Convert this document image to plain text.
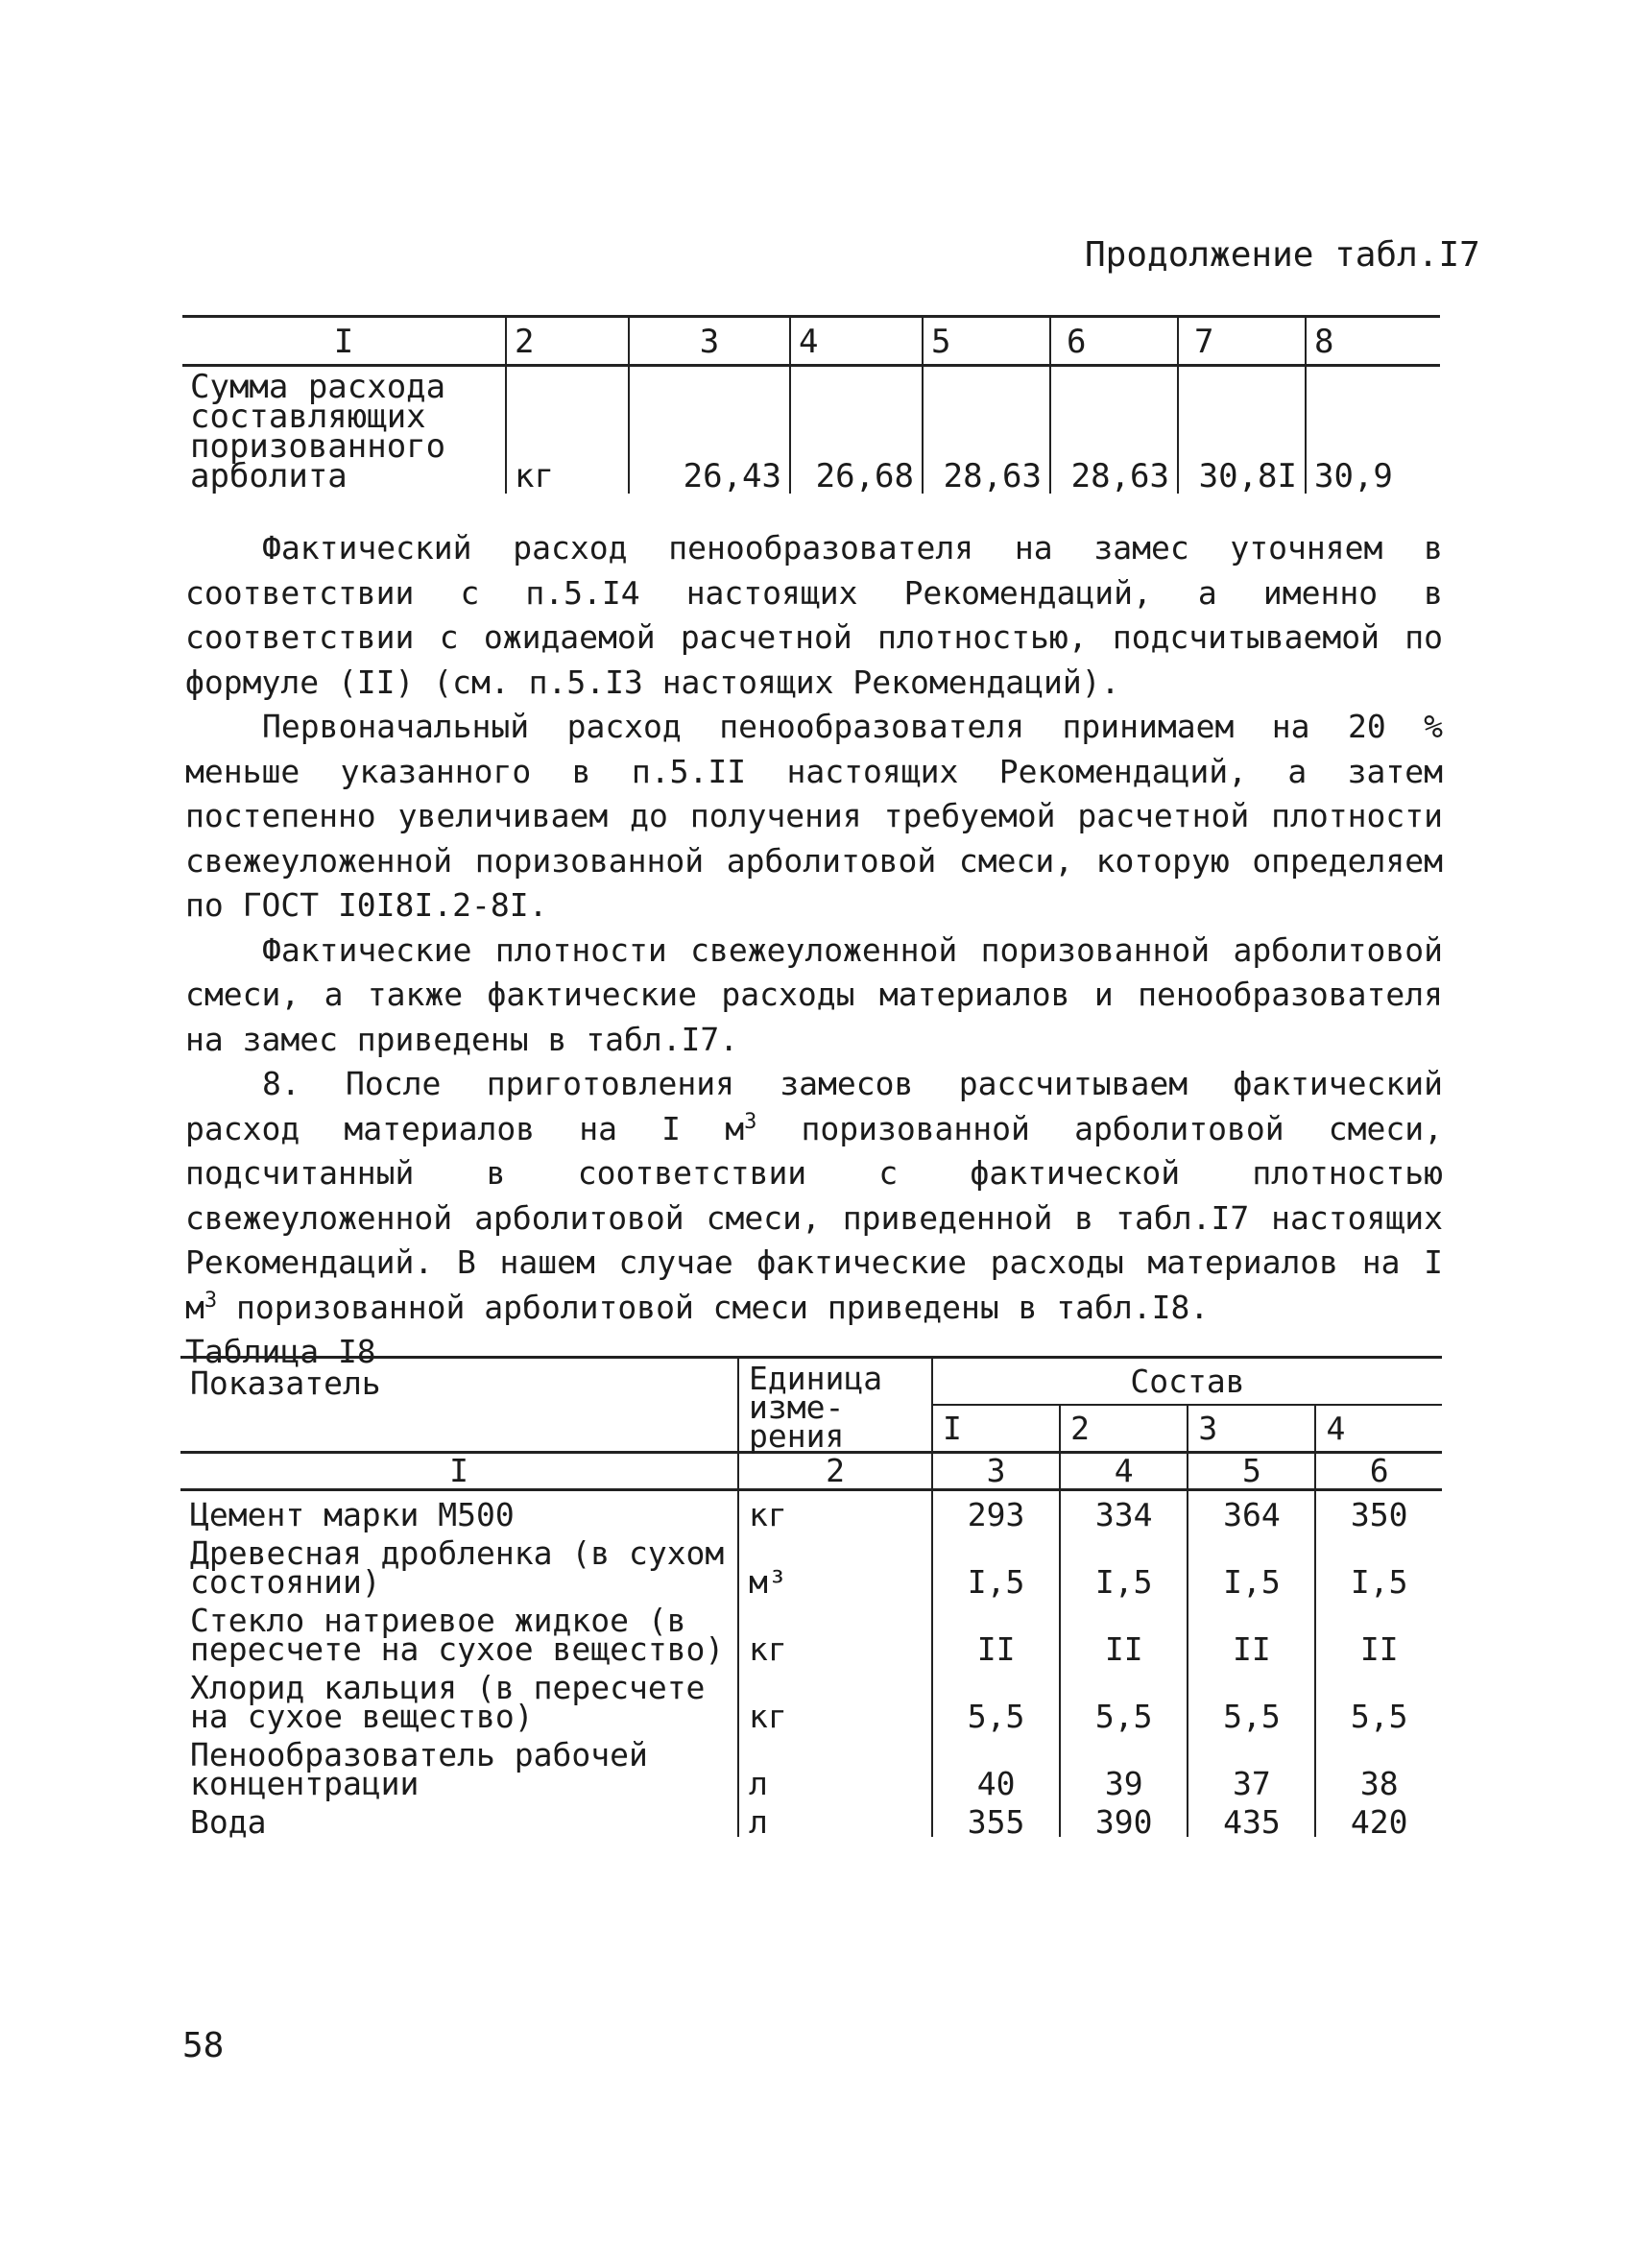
Продолжение табл.I7
I	2	3	4	5	6	7	8
Сумма расхода составляющих поризованного арболита	кг	26,43	26,68	28,63	28,63	30,8I	30,9

Фактический расход пенообразователя на замес уточняем в соответствии с п.5.I4 настоящих Рекомендаций, а именно в соответствии с ожидаемой расчетной плотностью, подсчитываемой по формуле (II) (см. п.5.I3 настоящих Рекомендаций).

Первоначальный расход пенообразователя принимаем на 20 % меньше указанного в п.5.II настоящих Рекомендаций, а затем постепенно увеличиваем до получения требуемой расчетной плотности свежеуложенной поризованной арболитовой смеси, которую определяем по ГОСТ I0I8I.2-8I.

Фактические плотности свежеуложенной поризованной арболитовой смеси, а также фактические расходы материалов и пенообразователя на замес приведены в табл.I7.

8. После приготовления замесов рассчитываем фактический расход материалов на I $м^3$ поризованной арболитовой смеси, подсчитанный в соответствии с фактической плотностью свежеуложенной арболитовой смеси, приведенной в табл.I7 настоящих Рекомендаций. В нашем случае фактические расходы материалов на I $м^3$ поризованной арболитовой смеси приведены в табл.I8.

Таблица I8

Показатель	Единица изме- рения	Состав			
		I	2	3	4
I	2	3	4	5	6
Цемент марки М500	кг	293	334	364	350
Древесная дробленка (в сухом состоянии)	м³	I,5	I,5	I,5	I,5
Стекло натриевое жидкое (в пересчете на сухое вещество)	кг	II	II	II	II
Хлорид кальция (в пересчете на сухое вещество)	кг	5,5	5,5	5,5	5,5
Пенообразователь рабочей концентрации	л	40	39	37	38
Вода	л	355	390	435	420
58
